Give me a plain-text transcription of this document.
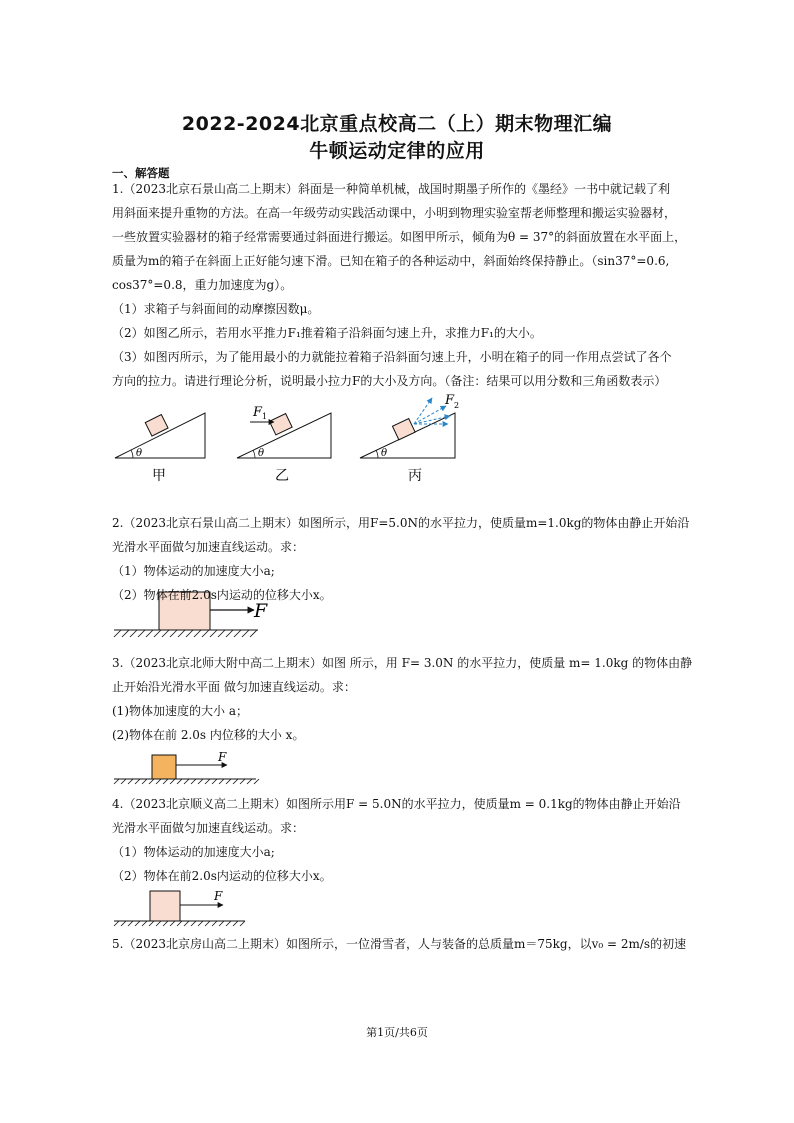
2022-2024北京重点校高二（上）期末物理汇编
牛顿运动定律的应用
一、解答题

1.（2023北京石景山高二上期末）斜面是一种简单机械，战国时期墨子所作的《墨经》一书中就记载了利

用斜面来提升重物的方法。在高一年级劳动实践活动课中，小明到物理实验室帮老师整理和搬运实验器材，

一些放置实验器材的箱子经常需要通过斜面进行搬运。如图甲所示，倾角为θ = 37°的斜面放置在水平面上，

质量为m的箱子在斜面上正好能匀速下滑。已知在箱子的各种运动中，斜面始终保持静止。（sin37°=0.6,

cos37°=0.8，重力加速度为g）。

（1）求箱子与斜面间的动摩擦因数μ。

（2）如图乙所示，若用水平推力F₁推着箱子沿斜面匀速上升，求推力F₁的大小。

（3）如图丙所示，为了能用最小的力就能拉着箱子沿斜面匀速上升，小明在箱子的同一作用点尝试了各个

方向的拉力。请进行理论分析，说明最小拉力F的大小及方向。（备注：结果可以用分数和三角函数表示）

θ
甲
F 1
θ
乙
F 2
θ
丙
F
F
F

2.（2023北京石景山高二上期末）如图所示，用F=5.0N的水平拉力，使质量m=1.0kg的物体由静止开始沿

光滑水平面做匀加速直线运动。求：

（1）物体运动的加速度大小a;

（2）物体在前2.0s内运动的位移大小x。

3.（2023北京北师大附中高二上期末）如图 所示，用 F= 3.0N 的水平拉力，使质量 m= 1.0kg 的物体由静

止开始沿光滑水平面 做匀加速直线运动。求：

(1)物体加速度的大小 a；

(2)物体在前 2.0s 内位移的大小 x。

4.（2023北京顺义高二上期末）如图所示用F = 5.0N的水平拉力，使质量m = 0.1kg的物体由静止开始沿

光滑水平面做匀加速直线运动。求：

（1）物体运动的加速度大小a;

（2）物体在前2.0s内运动的位移大小x。

5.（2023北京房山高二上期末）如图所示，一位滑雪者，人与装备的总质量m＝75kg，以v₀ = 2m/s的初速

第1页/共6页
